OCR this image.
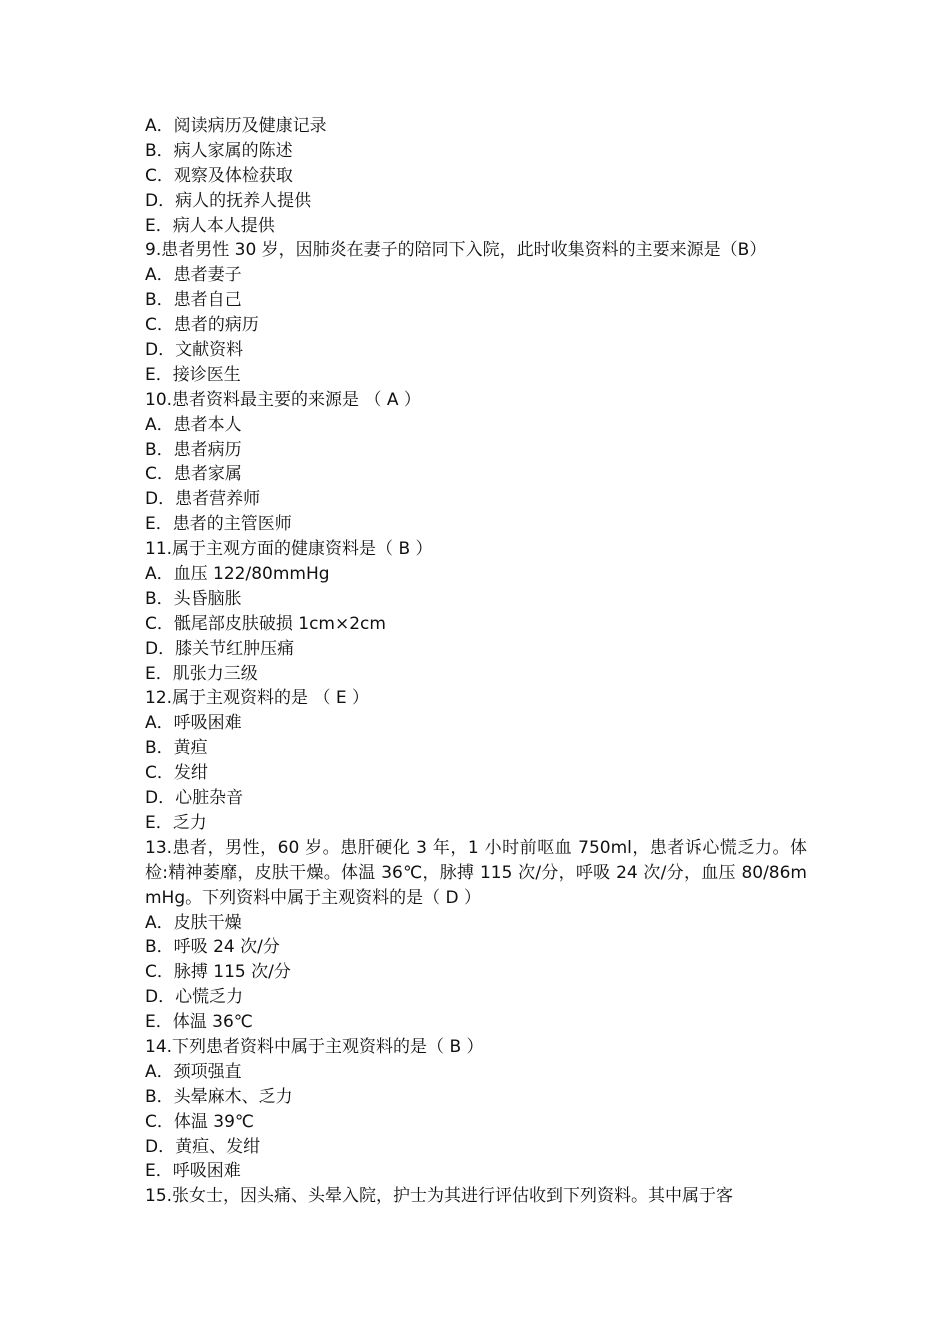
A．阅读病历及健康记录
B．病人家属的陈述
C．观察及体检获取
D．病人的抚养人提供
E．病人本人提供
9.患者男性 30 岁，因肺炎在妻子的陪同下入院，此时收集资料的主要来源是（B）
A．患者妻子
B．患者自己
C．患者的病历
D．文献资料
E．接诊医生
10.患者资料最主要的来源是 （ A ）
A．患者本人
B．患者病历
C．患者家属
D．患者营养师
E．患者的主管医师
11.属于主观方面的健康资料是（ B ）
A．血压 122/80mmHg
B．头昏脑胀
C．骶尾部皮肤破损 1cm×2cm
D．膝关节红肿压痛
E．肌张力三级
12.属于主观资料的是 （ E ）
A．呼吸困难
B．黄疸
C．发绀
D．心脏杂音
E．乏力
13.患者，男性，60 岁。患肝硬化 3 年，1 小时前呕血 750ml，患者诉心慌乏力。体检:精神萎靡，皮肤干燥。体温 36℃，脉搏 115 次/分，呼吸 24 次/分，血压 80/86mmHg。下列资料中属于主观资料的是（ D ）
A．皮肤干燥
B．呼吸 24 次/分
C．脉搏 115 次/分
D．心慌乏力
E．体温 36℃
14.下列患者资料中属于主观资料的是（ B ）
A．颈项强直
B．头晕麻木、乏力
C．体温 39℃
D．黄疸、发绀
E．呼吸困难
15.张女士，因头痛、头晕入院，护士为其进行评估收到下列资料。其中属于客
